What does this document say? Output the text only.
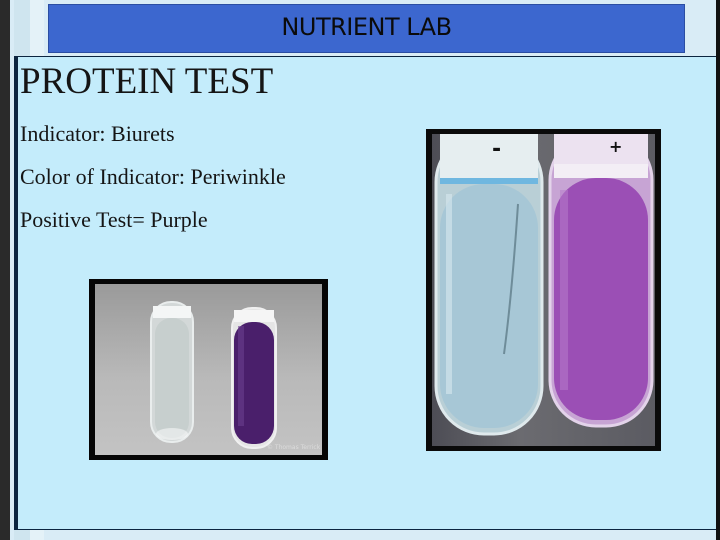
NUTRIENT LAB
PROTEIN TEST
Indicator: Biurets
Color of Indicator: Periwinkle
Positive Test= Purple
© Thomas Terrick
-	+
